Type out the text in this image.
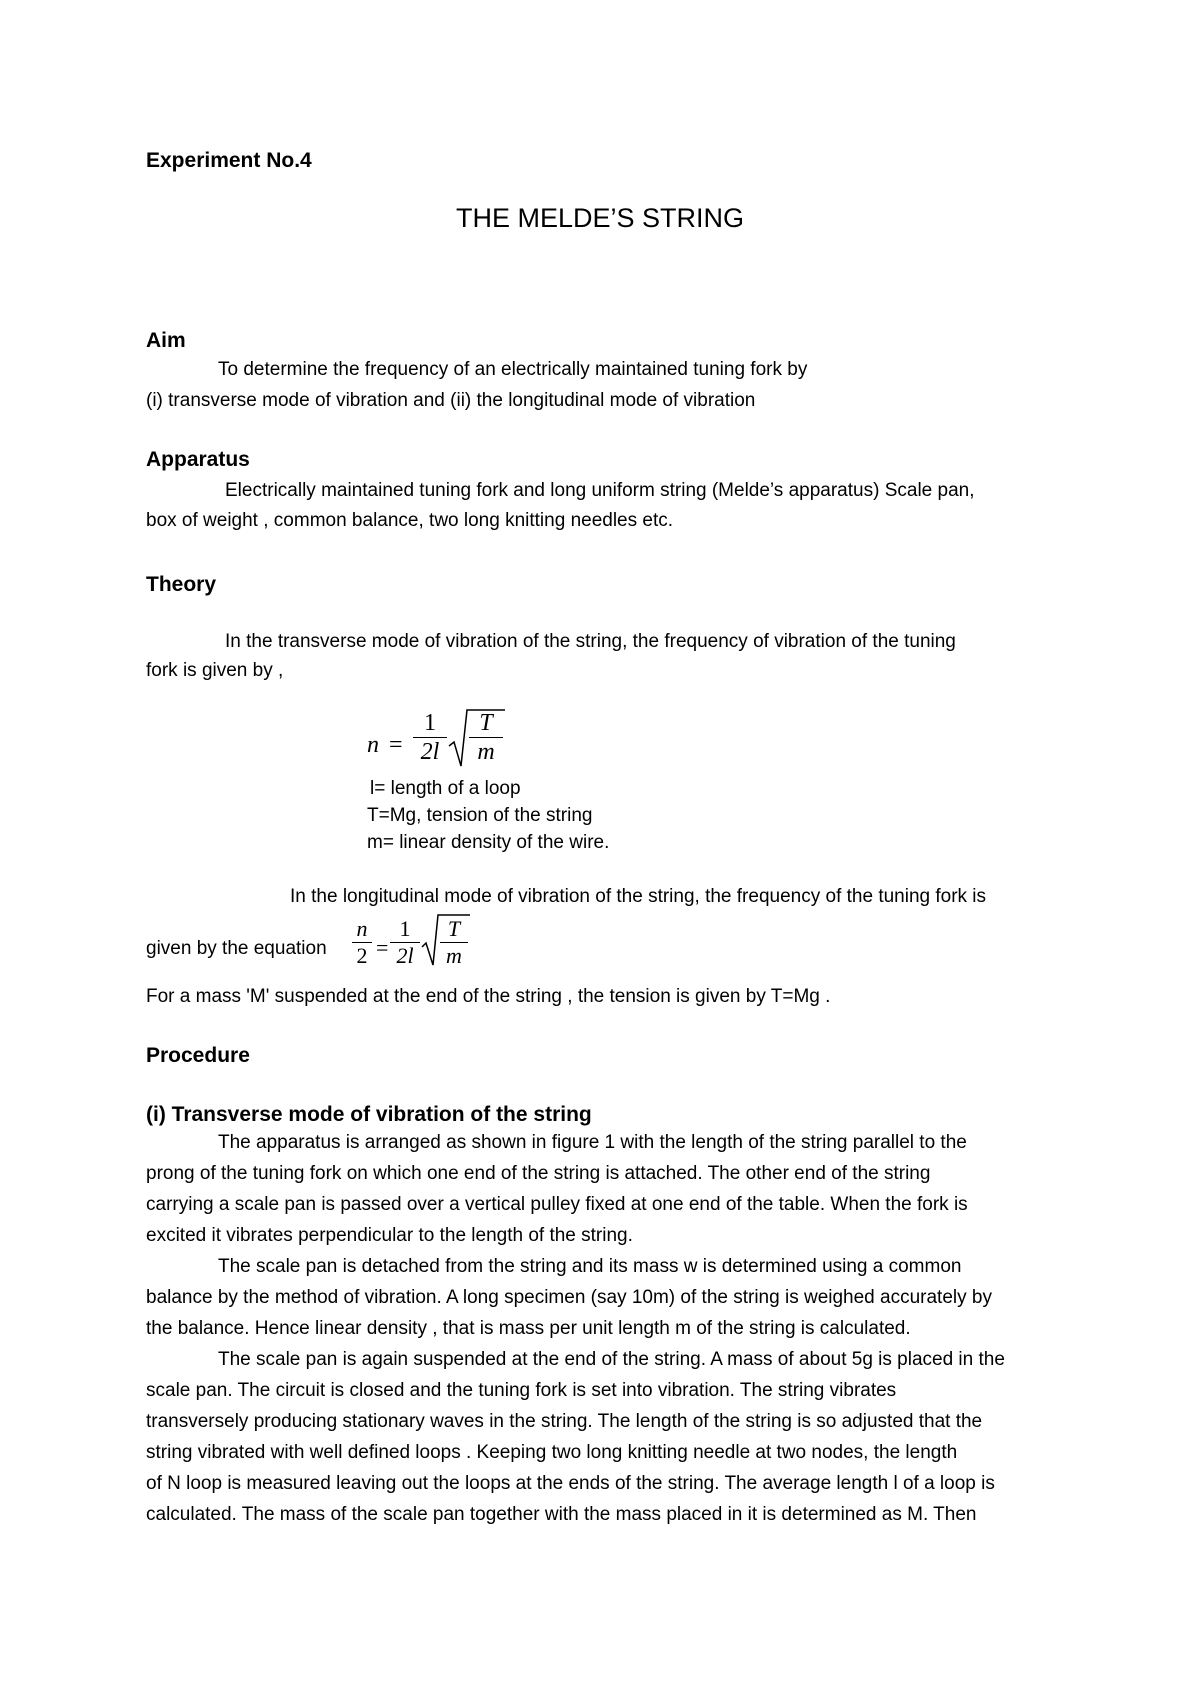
Experiment No.4
THE MELDE’S STRING
Aim
To determine the frequency of an electrically maintained tuning fork by
(i) transverse mode of vibration and (ii) the longitudinal mode of vibration
Apparatus
Electrically maintained tuning fork and long uniform string (Melde’s apparatus) Scale pan,
box of weight , common balance, two long knitting needles etc.
Theory
In the transverse mode of vibration of the string, the frequency of vibration of the tuning
fork is given by ,
n =
1
2l
T
m
l= length of a loop
T=Mg, tension of the string
m= linear density of the wire.
In the longitudinal mode of vibration of the string, the frequency of the tuning fork is
given by the equation
n
2 =
1
2l
T
m
For a mass 'M' suspended at the end of the string , the tension is given by T=Mg .
Procedure
(i) Transverse mode of vibration of the string
The apparatus is arranged as shown in figure 1 with the length of the string parallel to the
prong of the tuning fork on which one end of the string is attached. The other end of the string
carrying a scale pan is passed over a vertical pulley fixed at one end of the table. When the fork is
excited it vibrates perpendicular to the length of the string.
The scale pan is detached from the string and its mass w is determined using a common
balance by the method of vibration. A long specimen (say 10m) of the string is weighed accurately by
the balance. Hence linear density , that is mass per unit length m of the string is calculated.
The scale pan is again suspended at the end of the string. A mass of about 5g is placed in the
scale pan. The circuit is closed and the tuning fork is set into vibration. The string vibrates
transversely producing stationary waves in the string. The length of the string is so adjusted that the
string vibrated with well defined loops . Keeping two long knitting needle at two nodes, the length
of N loop is measured leaving out the loops at the ends of the string. The average length l of a loop is
calculated. The mass of the scale pan together with the mass placed in it is determined as M. Then
